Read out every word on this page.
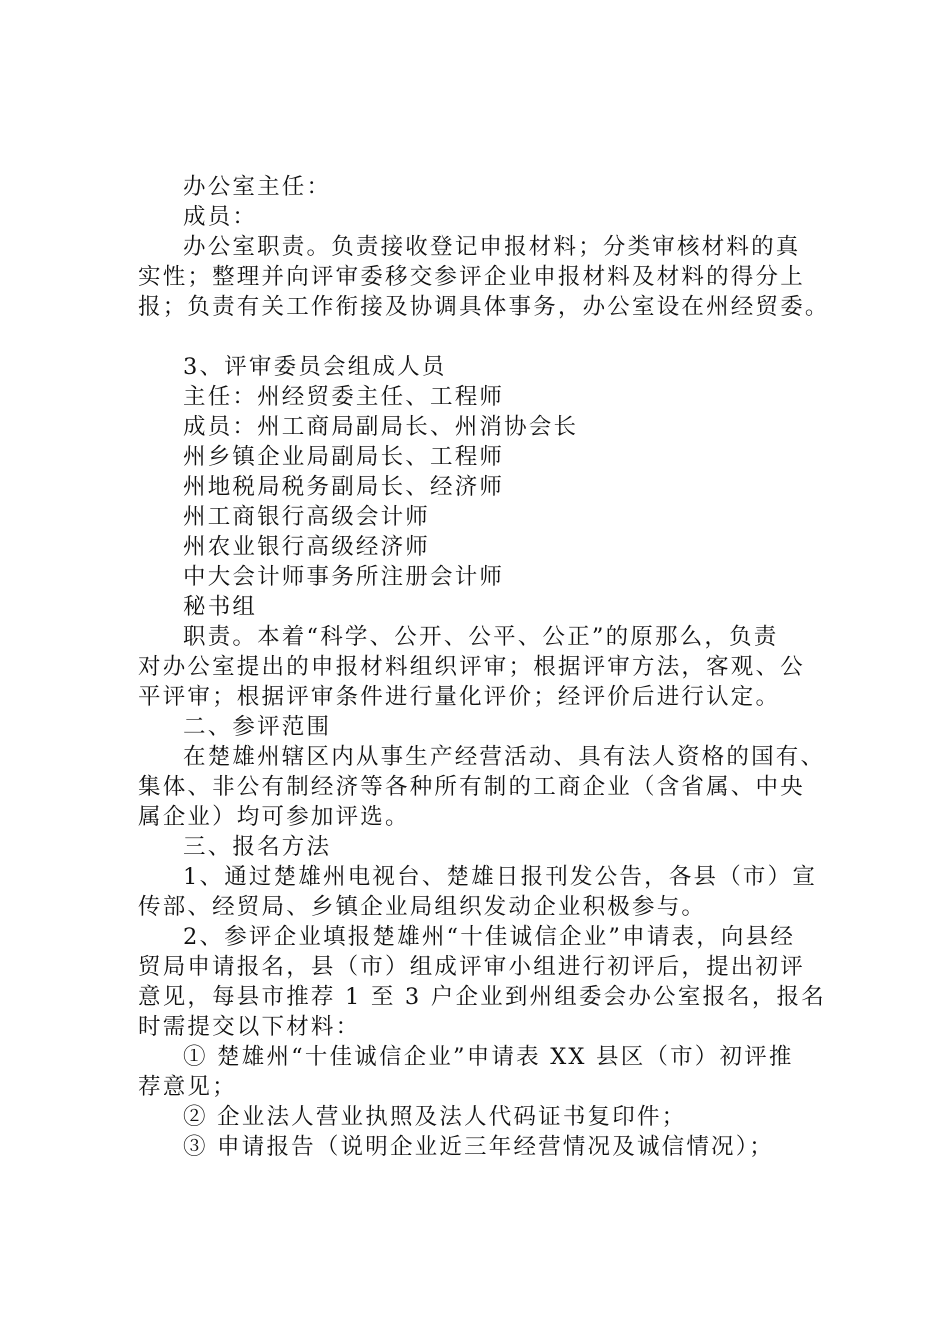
办公室主任：
成员：
办公室职责。负责接收登记申报材料；分类审核材料的真
实性；整理并向评审委移交参评企业申报材料及材料的得分上
报；负责有关工作衔接及协调具体事务，办公室设在州经贸委。
3、评审委员会组成人员
主任：州经贸委主任、工程师
成员：州工商局副局长、州消协会长
州乡镇企业局副局长、工程师
州地税局税务副局长、经济师
州工商银行高级会计师
州农业银行高级经济师
中大会计师事务所注册会计师
秘书组
职责。本着“科学、公开、公平、公正”的原那么，负责
对办公室提出的申报材料组织评审；根据评审方法，客观、公
平评审；根据评审条件进行量化评价；经评价后进行认定。
二、参评范围
在楚雄州辖区内从事生产经营活动、具有法人资格的国有、
集体、非公有制经济等各种所有制的工商企业（含省属、中央
属企业）均可参加评选。
三、报名方法
1、通过楚雄州电视台、楚雄日报刊发公告，各县（市）宣
传部、经贸局、乡镇企业局组织发动企业积极参与。
2、参评企业填报楚雄州“十佳诚信企业”申请表，向县经
贸局申请报名，县（市）组成评审小组进行初评后，提出初评
意见，每县市推荐 1 至 3 户企业到州组委会办公室报名，报名
时需提交以下材料：
① 楚雄州“十佳诚信企业”申请表 XX 县区（市）初评推
荐意见；
② 企业法人营业执照及法人代码证书复印件；
③ 申请报告（说明企业近三年经营情况及诚信情况）；
